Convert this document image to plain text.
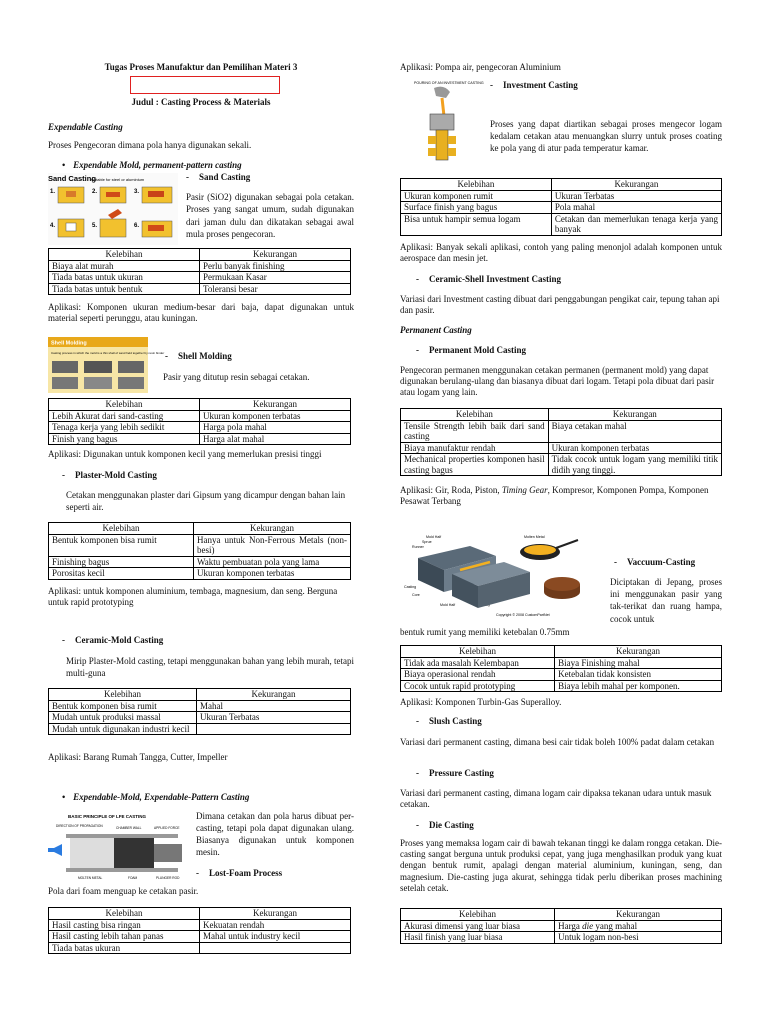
Tugas Proses Manufaktur dan Pemilihan Materi 3
Judul : Casting Process & Materials
Expendable Casting
Proses Pengecoran dimana pola hanya digunakan sekali.
• Expendable Mold, permanent-pattern casting
Sand Casting
suitable for steel or aluminium
1.	2.	3.
4.	5.	6.
- Sand Casting
Pasir (SiO2) digunakan sebagai pola cetakan. Proses yang sangat umum, sudah digunakan dari jaman dulu dan dikatakan sebagai awal mula proses pengecoran.
Kelebihan	Kekurangan
Biaya alat murah	Perlu banyak finishing
Tiada batas untuk ukuran	Permukaan Kasar
Tiada batas untuk bentuk	Toleransi besar
Aplikasi: Komponen ukuran medium-besar dari baja, dapat digunakan untuk material seperti perunggu, atau kuningan.
Shell Molding
Casting process in which the mold is a thin shell of sand held together by resin binder	- Shell Molding
Pasir yang ditutup resin sebagai cetakan.
Kelebihan	Kekurangan
Lebih Akurat dari sand-casting	Ukuran komponen terbatas
Tenaga kerja yang lebih sedikit	Harga pola mahal
Finish yang bagus	Harga alat mahal
Aplikasi: Digunakan untuk komponen kecil yang memerlukan presisi tinggi
- Plaster-Mold Casting
Cetakan menggunakan plaster dari Gipsum yang dicampur dengan bahan lain seperti air.
Kelebihan	Kekurangan
Bentuk komponen bisa rumit	Hanya untuk Non-Ferrous Metals (non-besi)
Finishing bagus	Waktu pembuatan pola yang lama
Porositas kecil	Ukuran komponen terbatas
Aplikasi: untuk komponen aluminium, tembaga, magnesium, dan seng. Berguna untuk rapid prototyping
- Ceramic-Mold Casting
Mirip Plaster-Mold casting, tetapi menggunakan bahan yang lebih murah, tetapi multi-guna
Kelebihan	Kekurangan
Bentuk komponen bisa rumit	Mahal
Mudah untuk produksi massal	Ukuran Terbatas
Mudah untuk digunakan industri kecil	
Aplikasi: Barang Rumah Tangga, Cutter, Impeller
• Expendable-Mold, Expendable-Pattern Casting
BASIC PRINCIPLE OF LFE CASTING
DIRECTION OF PROPAGATION	CHAMBER WALL	APPLIED FORCE
MOLTEN METAL	FOAM	PLUNGER ROD
Dimana cetakan dan pola harus dibuat per-casting, tetapi pola dapat digunakan ulang. Biasanya digunakan untuk komponen mesin.
- Lost-Foam Process
Pola dari foam menguap ke cetakan pasir.
Kelebihan	Kekurangan
Hasil casting bisa ringan	Kekuatan rendah
Hasil casting lebih tahan panas	Mahal untuk industry kecil
Tiada batas ukuran	
Aplikasi: Pompa air, pengecoran Aluminium
POURING OF AN INVESTMENT CASTING	- Investment Casting
Proses yang dapat diartikan sebagai proses mengecor logam kedalam cetakan atau menuangkan slurry untuk proses coating ke pola yang di atur pada temperatur kamar.
Kelebihan	Kekurangan
Ukuran komponen rumit	Ukuran Terbatas
Surface finish yang bagus	Pola mahal
Bisa untuk hampir semua logam	Cetakan dan memerlukan tenaga kerja yang banyak
Aplikasi: Banyak sekali aplikasi, contoh yang paling menonjol adalah komponen untuk aerospace dan mesin jet.
- Ceramic-Shell Investment Casting
Variasi dari Investment casting dibuat dari penggabungan pengikat cair, tepung tahan api dan pasir.
Permanent Casting
- Permanent Mold Casting
Pengecoran permanen menggunakan cetakan permanen (permanent mold) yang dapat digunakan berulang-ulang dan biasanya dibuat dari logam. Tetapi pola dibuat dari pasir atau logam yang lain.
Kelebihan	Kekurangan
Tensile Strength lebih baik dari sand casting	Biaya cetakan mahal
Biaya manufaktur rendah	Ukuran komponen terbatas
Mechanical properties komponen hasil casting bagus	Tidak cocok untuk logam yang memiliki titik didih yang tinggi.
Aplikasi: Gir, Roda, Piston, Timing Gear, Kompresor, Komponen Pompa, Komponen Pesawat Terbang
Mold Half
Sprue
Runner
Casting
Core
Mold Half
Molten Metal
Copyright © 2008 CustomPartNet
- Vaccuum-Casting
Diciptakan di Jepang, proses ini menggunakan pasir yang tak-terikat dan ruang hampa, cocok untuk
bentuk rumit yang memiliki ketebalan 0.75mm
Kelebihan	Kekurangan
Tidak ada masalah Kelembapan	Biaya Finishing mahal
Biaya operasional rendah	Ketebalan tidak konsisten
Cocok untuk rapid prototyping	Biaya lebih mahal per komponen.
Aplikasi: Komponen Turbin-Gas Superalloy.
- Slush Casting
Variasi dari permanent casting, dimana besi cair tidak boleh 100% padat dalam cetakan
- Pressure Casting
Variasi dari permanent casting, dimana logam cair dipaksa tekanan udara untuk masuk cetakan.
- Die Casting
Proses yang memaksa logam cair di bawah tekanan tinggi ke dalam rongga cetakan. Die-casting sangat berguna untuk produksi cepat, yang juga menghasilkan produk yang kuat dengan bentuk rumit, apalagi dengan material aluminium, kuningan, seng, dan magnesium. Die-casting juga akurat, sehingga tidak perlu diberikan proses machining setelah cetak.
Kelebihan	Kekurangan
Akurasi dimensi yang luar biasa	Harga die yang mahal
Hasil finish yang luar biasa	Untuk logam non-besi
